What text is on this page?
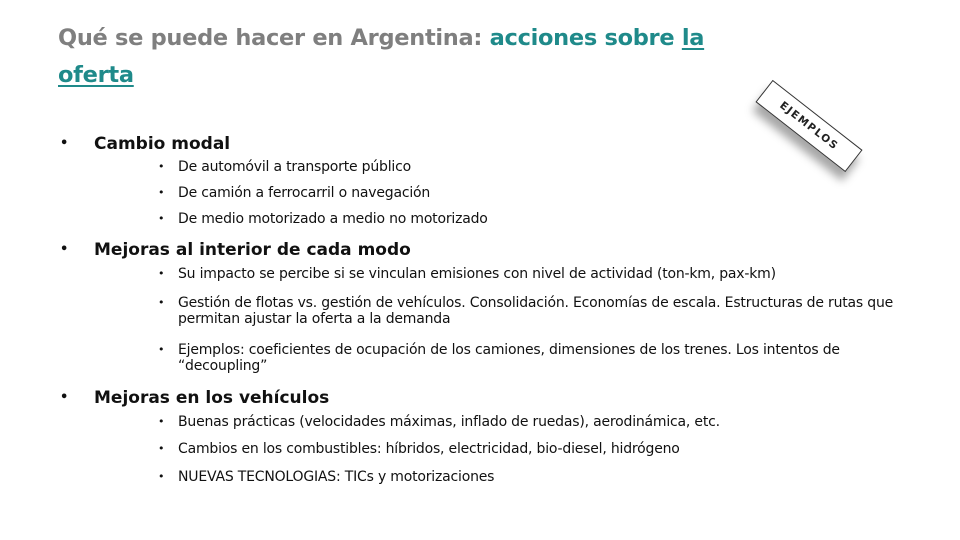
Qué se puede hacer en Argentina: acciones sobre la oferta
EJEMPLOS
• Cambio modal
• De automóvil a transporte público
• De camión a ferrocarril o navegación
• De medio motorizado a medio no motorizado
• Mejoras al interior de cada modo
• Su impacto se percibe si se vinculan emisiones con nivel de actividad (ton-km, pax-km)
• Gestión de flotas vs. gestión de vehículos. Consolidación. Economías de escala. Estructuras de rutas que permitan ajustar la oferta a la demanda
• Ejemplos: coeficientes de ocupación de los camiones, dimensiones de los trenes. Los intentos de “decoupling”
• Mejoras en los vehículos
• Buenas prácticas (velocidades máximas, inflado de ruedas), aerodinámica, etc.
• Cambios en los combustibles: híbridos, electricidad, bio-diesel, hidrógeno
• NUEVAS TECNOLOGIAS: TICs y motorizaciones
